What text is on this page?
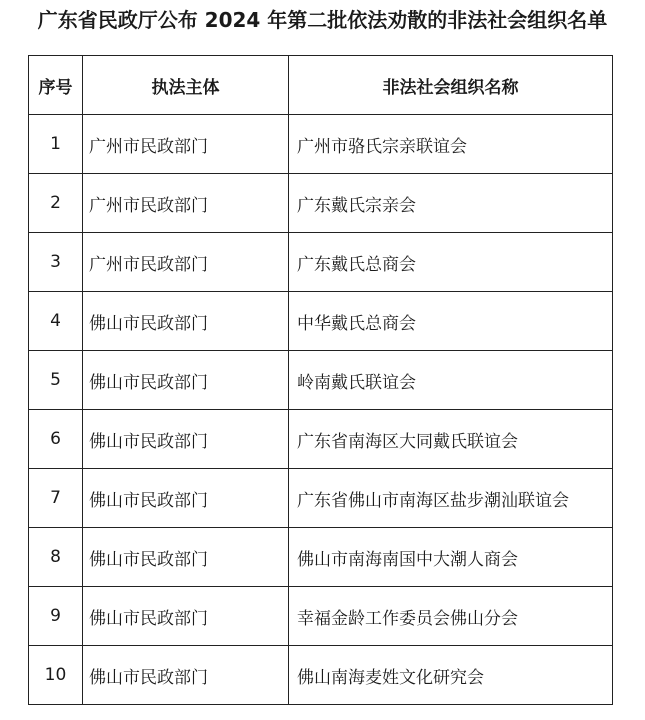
广东省民政厅公布 2024 年第二批依法劝散的非法社会组织名单
序号	执法主体	非法社会组织名称
1	广州市民政部门	广州市骆氏宗亲联谊会
2	广州市民政部门	广东戴氏宗亲会
3	广州市民政部门	广东戴氏总商会
4	佛山市民政部门	中华戴氏总商会
5	佛山市民政部门	岭南戴氏联谊会
6	佛山市民政部门	广东省南海区大同戴氏联谊会
7	佛山市民政部门	广东省佛山市南海区盐步潮汕联谊会
8	佛山市民政部门	佛山市南海南国中大潮人商会
9	佛山市民政部门	幸福金龄工作委员会佛山分会
10	佛山市民政部门	佛山南海麦姓文化研究会
